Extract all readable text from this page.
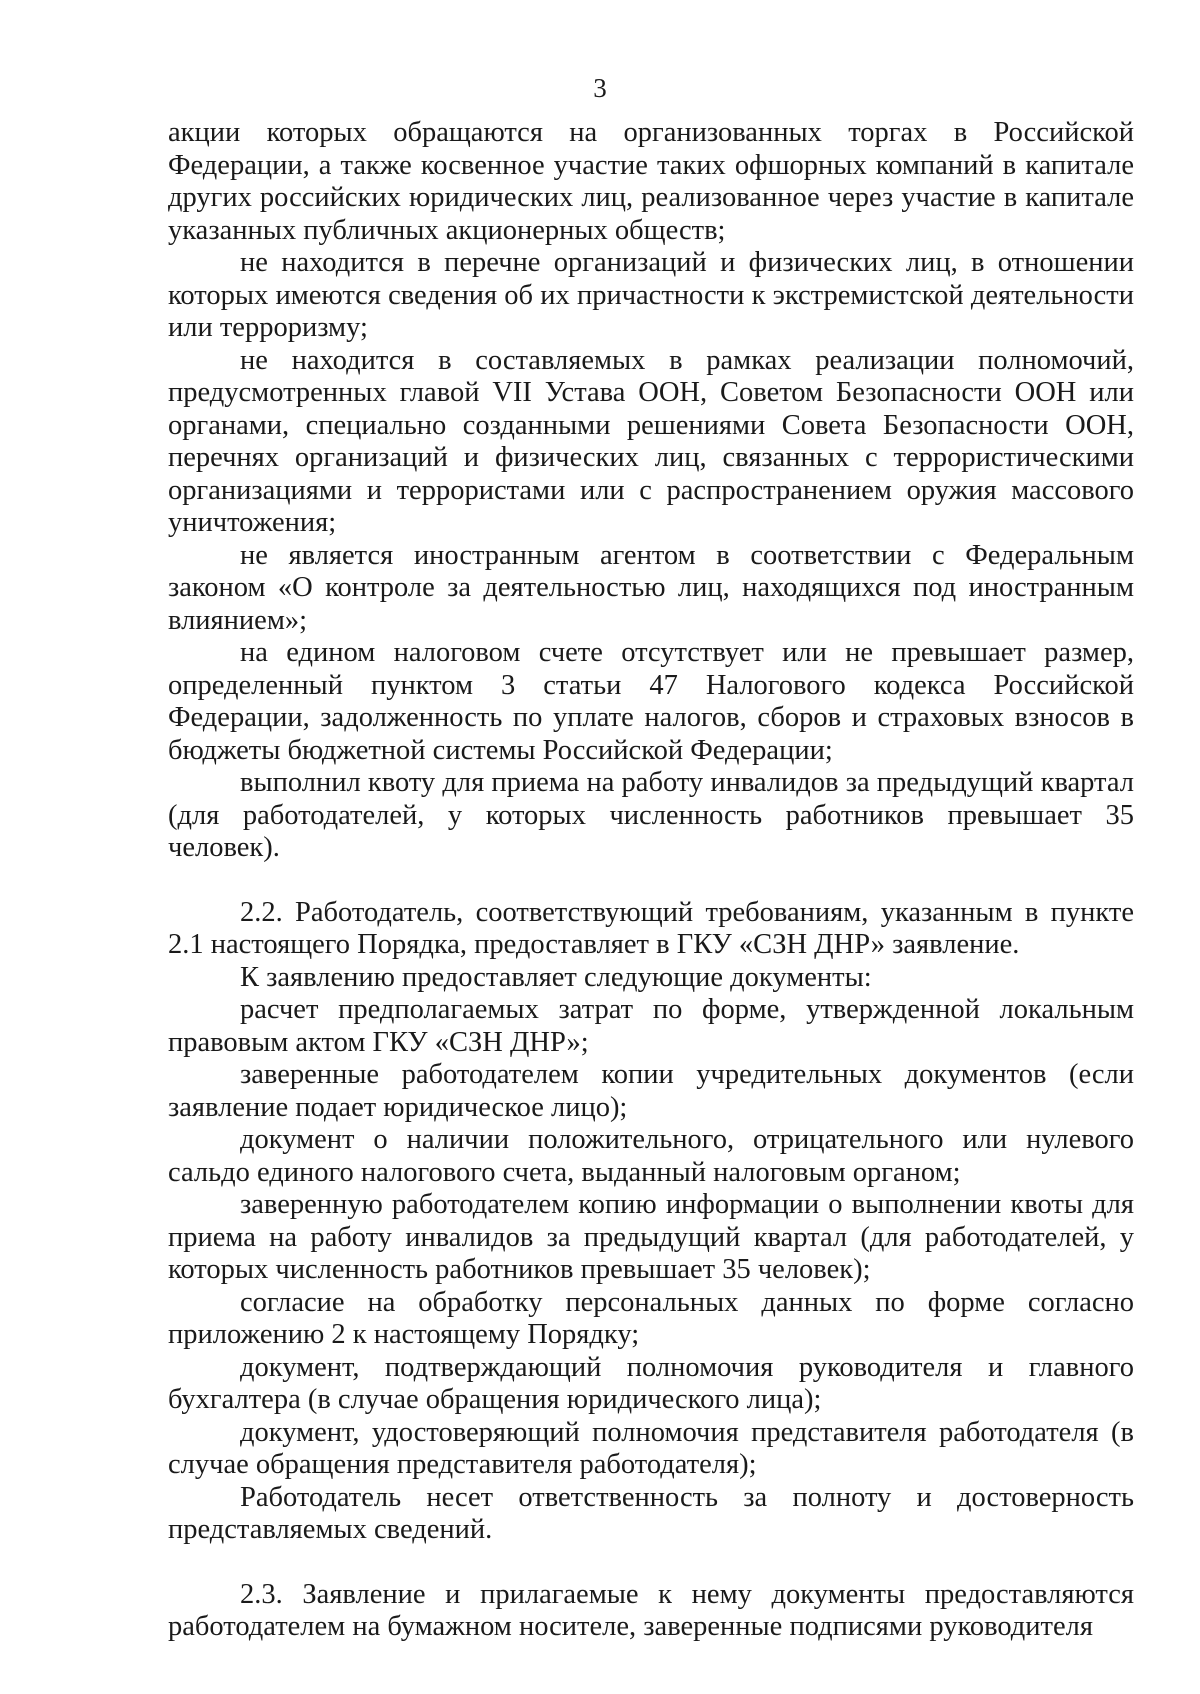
3

акции которых обращаются на организованных торгах в Российской Федерации, а также косвенное участие таких офшорных компаний в капитале других российских юридических лиц, реализованное через участие в капитале указанных публичных акционерных обществ;

не находится в перечне организаций и физических лиц, в отношении которых имеются сведения об их причастности к экстремистской деятельности или терроризму;

не находится в составляемых в рамках реализации полномочий, предусмотренных главой VII Устава ООН, Советом Безопасности ООН или органами, специально созданными решениями Совета Безопасности ООН, перечнях организаций и физических лиц, связанных с террористическими организациями и террористами или с распространением оружия массового уничтожения;

не является иностранным агентом в соответствии с Федеральным законом «О контроле за деятельностью лиц, находящихся под иностранным влиянием»;

на едином налоговом счете отсутствует или не превышает размер, определенный пунктом 3 статьи 47 Налогового кодекса Российской Федерации, задолженность по уплате налогов, сборов и страховых взносов в бюджеты бюджетной системы Российской Федерации;

выполнил квоту для приема на работу инвалидов за предыдущий квартал (для работодателей, у которых численность работников превышает 35 человек).

2.2. Работодатель, соответствующий требованиям, указанным в пункте 2.1 настоящего Порядка, предоставляет в ГКУ «СЗН ДНР» заявление.

К заявлению предоставляет следующие документы:

расчет предполагаемых затрат по форме, утвержденной локальным правовым актом ГКУ «СЗН ДНР»;

заверенные работодателем копии учредительных документов (если заявление подает юридическое лицо);

документ о наличии положительного, отрицательного или нулевого сальдо единого налогового счета, выданный налоговым органом;

заверенную работодателем копию информации о выполнении квоты для приема на работу инвалидов за предыдущий квартал (для работодателей, у которых численность работников превышает 35 человек);

согласие на обработку персональных данных по форме согласно приложению 2 к настоящему Порядку;

документ, подтверждающий полномочия руководителя и главного бухгалтера (в случае обращения юридического лица);

документ, удостоверяющий полномочия представителя работодателя (в случае обращения представителя работодателя);

Работодатель несет ответственность за полноту и достоверность представляемых сведений.

2.3. Заявление и прилагаемые к нему документы предоставляются работодателем на бумажном носителе, заверенные подписями руководителя
